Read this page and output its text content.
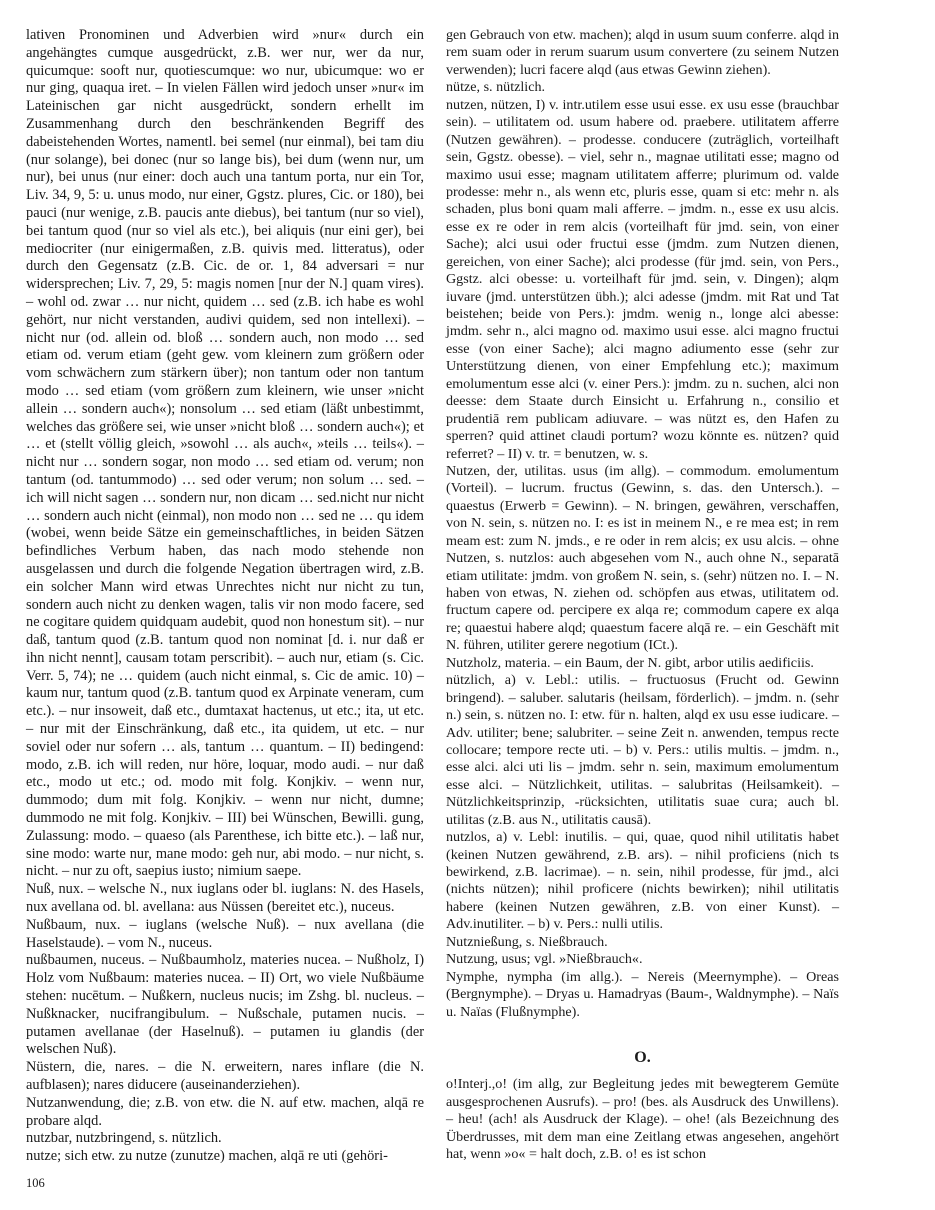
lativen Pronominen und Adverbien wird »nur« durch ein angehängtes cumque ausgedrückt, z.B. wer nur, wer da nur, quicumque: sooft nur, quotiescumque: wo nur, ubicumque: wo er nur ging, quaqua iret. – In vielen Fällen wird jedoch unser »nur« im Lateinischen gar nicht ausgedrückt, sondern erhellt im Zusammenhang durch den beschränkenden Begriff des dabeistehenden Wortes, namentl. bei semel (nur einmal), bei tam diu (nur solange), bei donec (nur so lange bis), bei dum (wenn nur, um nur), bei unus (nur einer: doch auch una tantum porta, nur ein Tor, Liv. 34, 9, 5: u. unus modo, nur einer, Ggstz. plures, Cic. or 180), bei pauci (nur wenige, z.B. paucis ante diebus), bei tantum (nur so viel), bei tantum quod (nur so viel als etc.), bei aliquis (nur eini ger), bei mediocriter (nur einigermaßen, z.B. quivis med. litteratus), oder durch den Gegensatz (z.B. Cic. de or. 1, 84 adversari = nur widersprechen; Liv. 7, 29, 5: magis nomen [nur der N.] quam vires). – wohl od. zwar … nur nicht, quidem … sed (z.B. ich habe es wohl gehört, nur nicht verstanden, audivi quidem, sed non intellexi). – nicht nur (od. allein od. bloß … sondern auch, non modo … sed etiam od. verum etiam (geht gew. vom kleinern zum größern oder vom schwächern zum stärkern über); non tantum oder non tantum modo … sed etiam (vom größern zum kleinern, wie unser »nicht allein … sondern auch«); nonsolum … sed etiam (läßt unbestimmt, welches das größere sei, wie unser »nicht bloß … sondern auch«); et … et (stellt völlig gleich, »sowohl … als auch«, »teils … teils«). – nicht nur … sondern sogar, non modo … sed etiam od. verum; non tantum (od. tantummodo) … sed oder verum; non solum … sed. – ich will nicht sagen … sondern nur, non dicam … sed.nicht nur nicht … sondern auch nicht (einmal), non modo non … sed ne … qu idem (wobei, wenn beide Sätze ein gemeinschaftliches, in beiden Sätzen befindliches Verbum haben, das nach modo stehende non ausgelassen und durch die folgende Negation übertragen wird, z.B. ein solcher Mann wird etwas Unrechtes nicht nur nicht zu tun, sondern auch nicht zu denken wagen, talis vir non modo facere, sed ne cogitare quidem quidquam audebit, quod non honestum sit). – nur daß, tantum quod (z.B. tantum quod non nominat [d. i. nur daß er ihn nicht nennt], causam totam perscribit). – auch nur, etiam (s. Cic. Verr. 5, 74); ne … quidem (auch nicht einmal, s. Cic de amic. 10) – kaum nur, tantum quod (z.B. tantum quod ex Arpinate veneram, cum etc.). – nur insoweit, daß etc., dumtaxat hactenus, ut etc.; ita, ut etc. – nur mit der Einschränkung, daß etc., ita quidem, ut etc. – nur soviel oder nur sofern … als, tantum … quantum. – II) bedingend: modo, z.B. ich will reden, nur höre, loquar, modo audi. – nur daß etc., modo ut etc.; od. modo mit folg. Konjkiv. – wenn nur, dummodo; dum mit folg. Konjkiv. – wenn nur nicht, dumne; dummodo ne mit folg. Konjkiv. – III) bei Wünschen, Bewilli. gung, Zulassung: modo. – quaeso (als Parenthese, ich bitte etc.). – laß nur, sine modo: warte nur, mane modo: geh nur, abi modo. – nur nicht, s. nicht. – nur zu oft, saepius iusto; nimium saepe.

Nuß, nux. – welsche N., nux iuglans oder bl. iuglans: N. des Hasels, nux avellana od. bl. avellana: aus Nüssen (bereitet etc.), nuceus.

Nußbaum, nux. – iuglans (welsche Nuß). – nux avellana (die Haselstaude). – vom N., nuceus.

nußbaumen, nuceus. – Nußbaumholz, materies nucea. – Nußholz, I) Holz vom Nußbaum: materies nucea. – II) Ort, wo viele Nußbäume stehen: nucētum. – Nußkern, nucleus nucis; im Zshg. bl. nucleus. – Nußknacker, nucifrangibulum. – Nußschale, putamen nucis. – putamen avellanae (der Haselnuß). – putamen iu glandis (der welschen Nuß).

Nüstern, die, nares. – die N. erweitern, nares inflare (die N. aufblasen); nares diducere (auseinanderziehen).

Nutzanwendung, die; z.B. von etw. die N. auf etw. machen, alqā re probare alqd.

nutzbar, nutzbringend, s. nützlich.

nutze; sich etw. zu nutze (zunutze) machen, alqā re uti (gehöri-

gen Gebrauch von etw. machen); alqd in usum suum conferre. alqd in rem suam oder in rerum suarum usum convertere (zu seinem Nutzen verwenden); lucri facere alqd (aus etwas Gewinn ziehen).

nütze, s. nützlich.

nutzen, nützen, I) v. intr.utilem esse usui esse. ex usu esse (brauchbar sein). – utilitatem od. usum habere od. praebere. utilitatem afferre (Nutzen gewähren). – prodesse. conducere (zuträglich, vorteilhaft sein, Ggstz. obesse). – viel, sehr n., magnae utilitati esse; magno od maximo usui esse; magnam utilitatem afferre; plurimum od. valde prodesse: mehr n., als wenn etc, pluris esse, quam si etc: mehr n. als schaden, plus boni quam mali afferre. – jmdm. n., esse ex usu alcis. esse ex re oder in rem alcis (vorteilhaft für jmd. sein, von einer Sache); alci usui oder fructui esse (jmdm. zum Nutzen dienen, gereichen, von einer Sache); alci prodesse (für jmd. sein, von Pers., Ggstz. alci obesse: u. vorteilhaft für jmd. sein, v. Dingen); alqm iuvare (jmd. unterstützen übh.); alci adesse (jmdm. mit Rat und Tat beistehen; beide von Pers.): jmdm. wenig n., longe alci abesse: jmdm. sehr n., alci magno od. maximo usui esse. alci magno fructui esse (von einer Sache); alci magno adiumento esse (sehr zur Unterstützung dienen, von einer Empfehlung etc.); maximum emolumentum esse alci (v. einer Pers.): jmdm. zu n. suchen, alci non deesse: dem Staate durch Einsicht u. Erfahrung n., consilio et prudentiā rem publicam adiuvare. – was nützt es, den Hafen zu sperren? quid attinet claudi portum? wozu könnte es. nützen? quid referret? – II) v. tr. = benutzen, w. s.

Nutzen, der, utilitas. usus (im allg). – commodum. emolumentum (Vorteil). – lucrum. fructus (Gewinn, s. das. den Untersch.). – quaestus (Erwerb = Gewinn). – N. bringen, gewähren, verschaffen, von N. sein, s. nützen no. I: es ist in meinem N., e re mea est; in rem meam est: zum N. jmds., e re oder in rem alcis; ex usu alcis. – ohne Nutzen, s. nutzlos: auch abgesehen vom N., auch ohne N., separatā etiam utilitate: jmdm. von großem N. sein, s. (sehr) nützen no. I. – N. haben von etwas, N. ziehen od. schöpfen aus etwas, utilitatem od. fructum capere od. percipere ex alqa re; commodum capere ex alqa re; quaestui habere alqd; quaestum facere alqā re. – ein Geschäft mit N. führen, utiliter gerere negotium (ICt.).

Nutzholz, materia. – ein Baum, der N. gibt, arbor utilis aedificiis.

nützlich, a) v. Lebl.: utilis. – fructuosus (Frucht od. Gewinn bringend). – saluber. salutaris (heilsam, förderlich). – jmdm. n. (sehr n.) sein, s. nützen no. I: etw. für n. halten, alqd ex usu esse iudicare. – Adv. utiliter; bene; salubriter. – seine Zeit n. anwenden, tempus recte collocare; tempore recte uti. – b) v. Pers.: utilis multis. – jmdm. n., esse alci. alci uti lis – jmdm. sehr n. sein, maximum emolumentum esse alci. – Nützlichkeit, utilitas. – salubritas (Heilsamkeit). – Nützlichkeitsprinzip, -rücksichten, utilitatis suae cura; auch bl. utilitas (z.B. aus N., utilitatis causā).

nutzlos, a) v. Lebl: inutilis. – qui, quae, quod nihil utilitatis habet (keinen Nutzen gewährend, z.B. ars). – nihil proficiens (nich ts bewirkend, z.B. lacrimae). – n. sein, nihil prodesse, für jmd., alci (nichts nützen); nihil proficere (nichts bewirken); nihil utilitatis habere (keinen Nutzen gewähren, z.B. von einer Kunst). – Adv.inutiliter. – b) v. Pers.: nulli utilis.

Nutznießung, s. Nießbrauch.

Nutzung, usus; vgl. »Nießbrauch«.

Nymphe, nympha (im allg.). – Nereis (Meernymphe). – Oreas (Bergnymphe). – Dryas u. Hamadryas (Baum-, Waldnymphe). – Naïs u. Naïas (Flußnymphe).

O.

o!Interj.,o! (im allg, zur Begleitung jedes mit bewegterem Gemüte ausgesprochenen Ausrufs). – pro! (bes. als Ausdruck des Unwillens). – heu! (ach! als Ausdruck der Klage). – ohe! (als Bezeichnung des Überdrusses, mit dem man eine Zeitlang etwas angesehen, angehört hat, wenn »o« = halt doch, z.B. o! es ist schon

106
